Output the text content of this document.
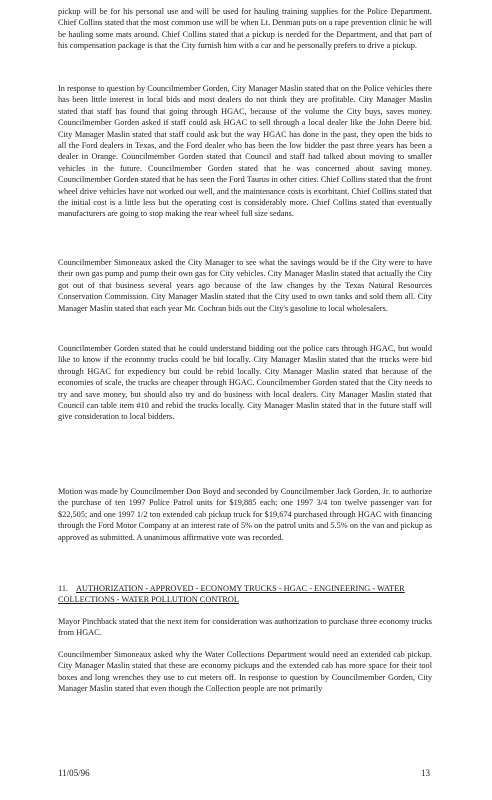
pickup will be for his personal use and will be used for hauling training supplies for the Police Department. Chief Collins stated that the most common use will be when Lt. Denman puts on a rape prevention clinic he will be hauling some mats around. Chief Collins stated that a pickup is needed for the Department, and that part of his compensation package is that the City furnish him with a car and he personally prefers to drive a pickup.

In response to question by Councilmember Gorden, City Manager Maslin stated that on the Police vehicles there has been little interest in local bids and most dealers do not think they are profitable. City Manager Maslin stated that staff has found that going through HGAC, because of the volume the City buys, saves money. Councilmember Gorden asked if staff could ask HGAC to sell through a local dealer like the John Deere bid. City Manager Maslin stated that staff could ask but the way HGAC has done in the past, they open the bids to all the Ford dealers in Texas, and the Ford dealer who has been the low bidder the past three years has been a dealer in Orange. Councilmember Gorden stated that Council and staff had talked about moving to smaller vehicles in the future. Councilmember Gorden stated that he was concerned about saving money. Councilmember Gorden stated that he has seen the Ford Taurus in other cities. Chief Collins stated that the front wheel drive vehicles have not worked out well, and the maintenance costs is exorbitant. Chief Collins stated that the initial cost is a little less but the operating cost is considerably more. Chief Collins stated that eventually manufacturers are going to stop making the rear wheel full size sedans.

Councilmember Simoneaux asked the City Manager to see what the savings would be if the City were to have their own gas pump and pump their own gas for City vehicles. City Manager Maslin stated that actually the City got out of that business several years ago because of the law changes by the Texas Natural Resources Conservation Commission. City Manager Maslin stated that the City used to own tanks and sold them all. City Manager Maslin stated that each year Mr. Cochran bids out the City's gasoline to local wholesalers.

Councilmember Gorden stated that he could understand bidding out the police cars through HGAC, but would like to know if the economy trucks could be bid locally. City Manager Maslin stated that the trucks were bid through HGAC for expediency but could be rebid locally. City Manager Maslin stated that because of the economies of scale, the trucks are cheaper through HGAC. Councilmember Gorden stated that the City needs to try and save money, but should also try and do business with local dealers. City Manager Maslin stated that Council can table item #10 and rebid the trucks locally. City Manager Maslin stated that in the future staff will give consideration to local bidders.

Motion was made by Councilmember Don Boyd and seconded by Councilmember Jack Gorden, Jr. to authorize the purchase of ten 1997 Police Patrol units for $19,885 each; one 1997 3/4 ton twelve passenger van for $22,505; and one 1997 1/2 ton extended cab pickup truck for $19,674 purchased through HGAC with financing through the Ford Motor Company at an interest rate of 5% on the patrol units and 5.5% on the van and pickup as approved as submitted. A unanimous affirmative vote was recorded.

11. AUTHORIZATION - APPROVED - ECONOMY TRUCKS - HGAC - ENGINEERING - WATER COLLECTIONS - WATER POLLUTION CONTROL

Mayor Pinchback stated that the next item for consideration was authorization to purchase three economy trucks from HGAC.

Councilmember Simoneaux asked why the Water Collections Department would need an extended cab pickup. City Manager Maslin stated that these are economy pickups and the extended cab has more space for their tool boxes and long wrenches they use to cut meters off. In response to question by Councilmember Gorden, City Manager Maslin stated that even though the Collection people are not primarily

11/05/96	13
